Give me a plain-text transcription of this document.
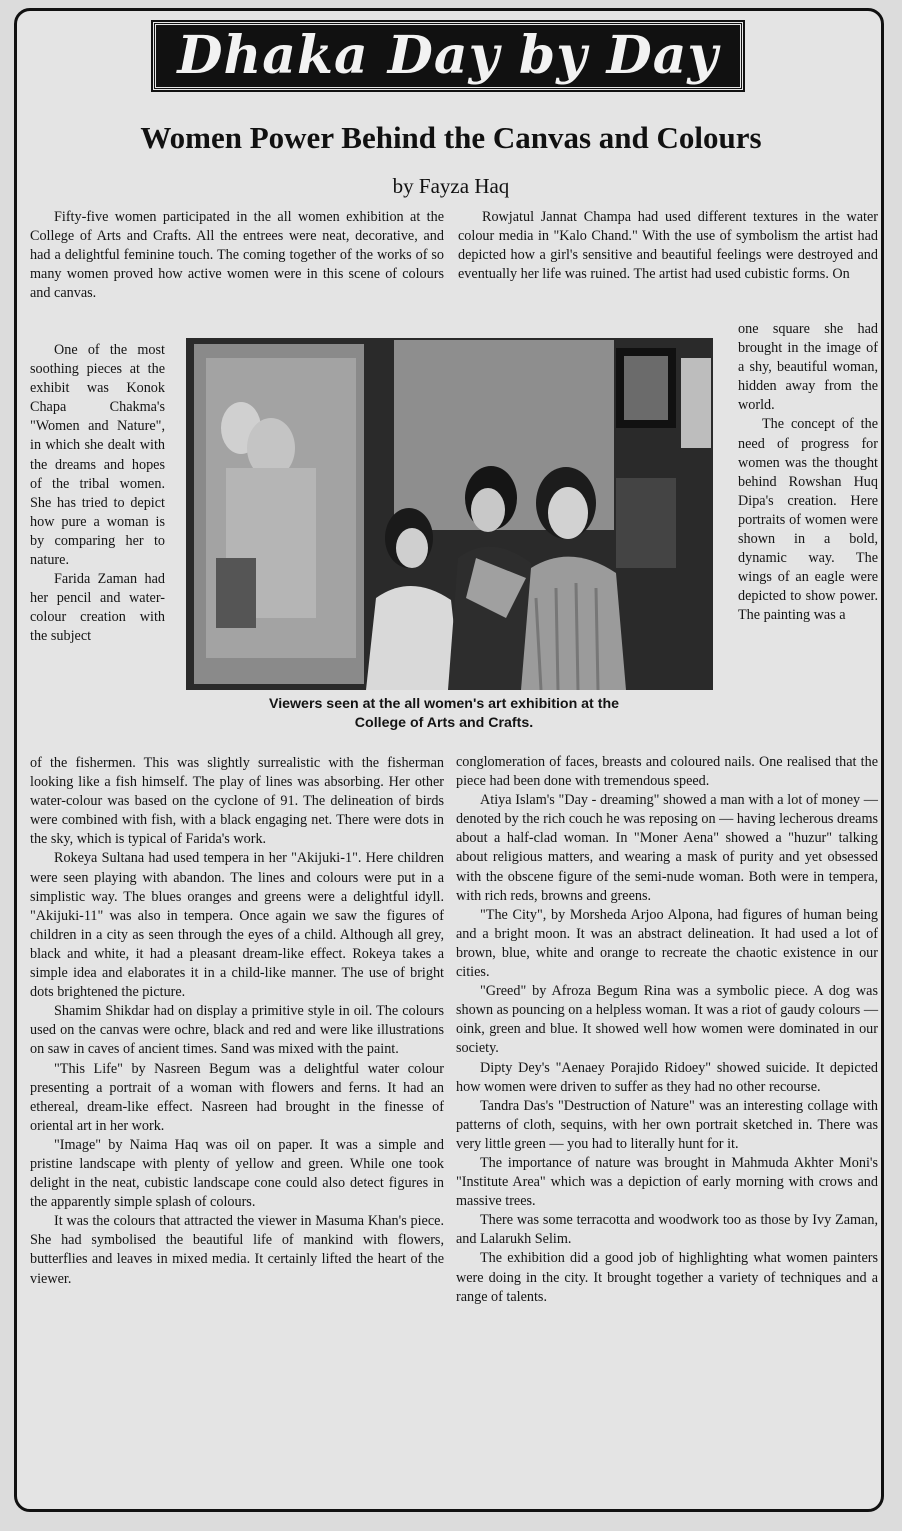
Dhaka Day by Day
Women Power Behind the Canvas and Colours
by Fayza Haq

Fifty-five women participated in the all women exhibition at the College of Arts and Crafts. All the entrees were neat, decorative, and had a delightful feminine touch. The coming together of the works of so many women proved how active women were in this scene of colours and canvas.

Rowjatul Jannat Champa had used different textures in the water colour media in "Kalo Chand." With the use of symbolism the artist had depicted how a girl's sensitive and beautiful feelings were destroyed and eventually her life was ruined. The artist had used cubistic forms. On

One of the most soothing pieces at the exhibit was Konok Chapa Chakma's "Women and Nature", in which she dealt with the dreams and hopes of the tribal women. She has tried to depict how pure a woman is by comparing her to nature.

Farida Zaman had her pencil and water-colour creation with the subject

one square she had brought in the image of a shy, beautiful woman, hidden away from the world.

The concept of the need of progress for women was the thought behind Rowshan Huq Dipa's creation. Here portraits of women were shown in a bold, dynamic way. The wings of an eagle were depicted to show power. The painting was a

Viewers seen at the all women's art exhibition at the
College of Arts and Crafts.

of the fishermen. This was slightly surrealistic with the fisherman looking like a fish himself. The play of lines was absorbing. Her other water-colour was based on the cyclone of 91. The delineation of birds were combined with fish, with a black engaging net. There were dots in the sky, which is typical of Farida's work.

Rokeya Sultana had used tempera in her "Akijuki-1". Here children were seen playing with abandon. The lines and colours were put in a simplistic way. The blues oranges and greens were a delightful idyll. "Akijuki-11" was also in tempera. Once again we saw the figures of children in a city as seen through the eyes of a child. Although all grey, black and white, it had a pleasant dream-like effect. Rokeya takes a simple idea and elaborates it in a child-like manner. The use of bright dots brightened the picture.

Shamim Shikdar had on display a primitive style in oil. The colours used on the canvas were ochre, black and red and were like illustrations on saw in caves of ancient times. Sand was mixed with the paint.

"This Life" by Nasreen Begum was a delightful water colour presenting a portrait of a woman with flowers and ferns. It had an ethereal, dream-like effect. Nasreen had brought in the finesse of oriental art in her work.

"Image" by Naima Haq was oil on paper. It was a simple and pristine landscape with plenty of yellow and green. While one took delight in the neat, cubistic landscape cone could also detect figures in the apparently simple splash of colours.

It was the colours that attracted the viewer in Masuma Khan's piece. She had symbolised the beautiful life of mankind with flowers, butterflies and leaves in mixed media. It certainly lifted the heart of the viewer.

conglomeration of faces, breasts and coloured nails. One realised that the piece had been done with tremendous speed.

Atiya Islam's "Day - dreaming" showed a man with a lot of money — denoted by the rich couch he was reposing on — having lecherous dreams about a half-clad woman. In "Moner Aena" showed a "huzur" talking about religious matters, and wearing a mask of purity and yet obsessed with the obscene figure of the semi-nude woman. Both were in tempera, with rich reds, browns and greens.

"The City", by Morsheda Arjoo Alpona, had figures of human being and a bright moon. It was an abstract delineation. It had used a lot of brown, blue, white and orange to recreate the chaotic existence in our cities.

"Greed" by Afroza Begum Rina was a symbolic piece. A dog was shown as pouncing on a helpless woman. It was a riot of gaudy colours — oink, green and blue. It showed well how women were dominated in our society.

Dipty Dey's "Aenaey Porajido Ridoey" showed suicide. It depicted how women were driven to suffer as they had no other recourse.

Tandra Das's "Destruction of Nature" was an interesting collage with patterns of cloth, sequins, with her own portrait sketched in. There was very little green — you had to literally hunt for it.

The importance of nature was brought in Mahmuda Akhter Moni's "Institute Area" which was a depiction of early morning with crows and massive trees.

There was some terracotta and woodwork too as those by Ivy Zaman, and Lalarukh Selim.

The exhibition did a good job of highlighting what women painters were doing in the city. It brought together a variety of techniques and a range of talents.
